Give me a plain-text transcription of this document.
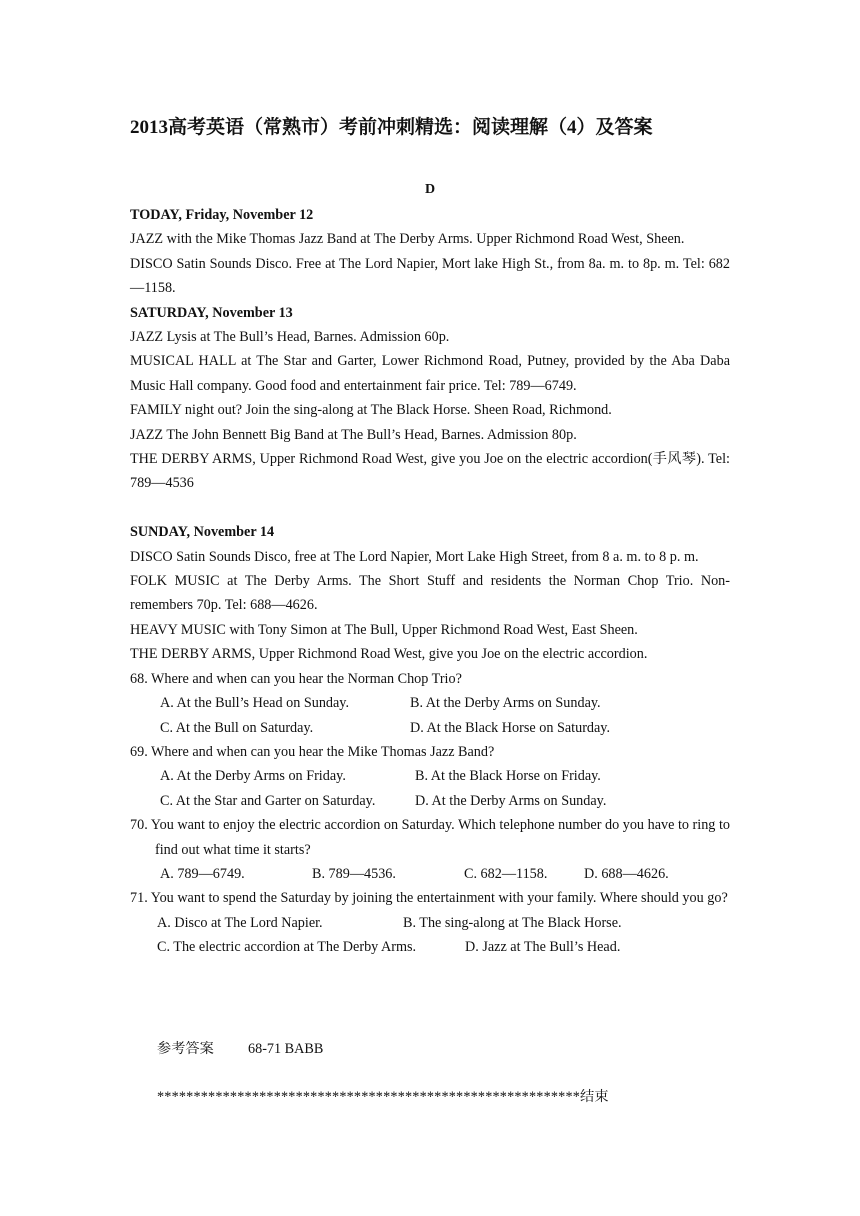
2013高考英语（常熟市）考前冲刺精选：阅读理解（4）及答案
D

TODAY, Friday, November 12

JAZZ with the Mike Thomas Jazz Band at The Derby Arms. Upper Richmond Road West, Sheen.

DISCO Satin Sounds Disco. Free at The Lord Napier, Mort lake High St., from 8a. m. to 8p. m. Tel: 682—1158.

SATURDAY, November 13

JAZZ Lysis at The Bull’s Head, Barnes. Admission 60p.

MUSICAL HALL at The Star and Garter, Lower Richmond Road, Putney, provided by the Aba Daba Music Hall company. Good food and entertainment fair price. Tel: 789—6749.

FAMILY night out? Join the sing-along at The Black Horse. Sheen Road, Richmond.

JAZZ The John Bennett Big Band at The Bull’s Head, Barnes. Admission 80p.

THE DERBY ARMS, Upper Richmond Road West, give you Joe on the electric accordion(手风琴). Tel: 789—4536

SUNDAY, November 14

DISCO Satin Sounds Disco, free at The Lord Napier, Mort Lake High Street, from 8 a. m. to 8 p. m.

FOLK MUSIC at The Derby Arms. The Short Stuff and residents the Norman Chop Trio. Non-remembers 70p. Tel: 688—4626.

HEAVY MUSIC with Tony Simon at The Bull, Upper Richmond Road West, East Sheen.

THE DERBY ARMS, Upper Richmond Road West, give you Joe on the electric accordion.

68. Where and when can you hear the Norman Chop Trio?

A. At the Bull’s Head on Sunday.	B. At the Derby Arms on Sunday.
C. At the Bull on Saturday.	D. At the Black Horse on Saturday.

69. Where and when can you hear the Mike Thomas Jazz Band?

A. At the Derby Arms on Friday.	B. At the Black Horse on Friday.
C. At the Star and Garter on Saturday.	D. At the Derby Arms on Sunday.

70. You want to enjoy the electric accordion on Saturday. Which telephone number do you have to ring to find out what time it starts?

A. 789—6749.	B. 789—4536.	C. 682—1158.	D. 688—4626.

71. You want to spend the Saturday by joining the entertainment with your family. Where should you go?

A. Disco at The Lord Napier.	B. The sing-along at The Black Horse.
C. The electric accordion at The Derby Arms.	D. Jazz at The Bull’s Head.
参考答案 68-71 BABB
**********************************************************结束
